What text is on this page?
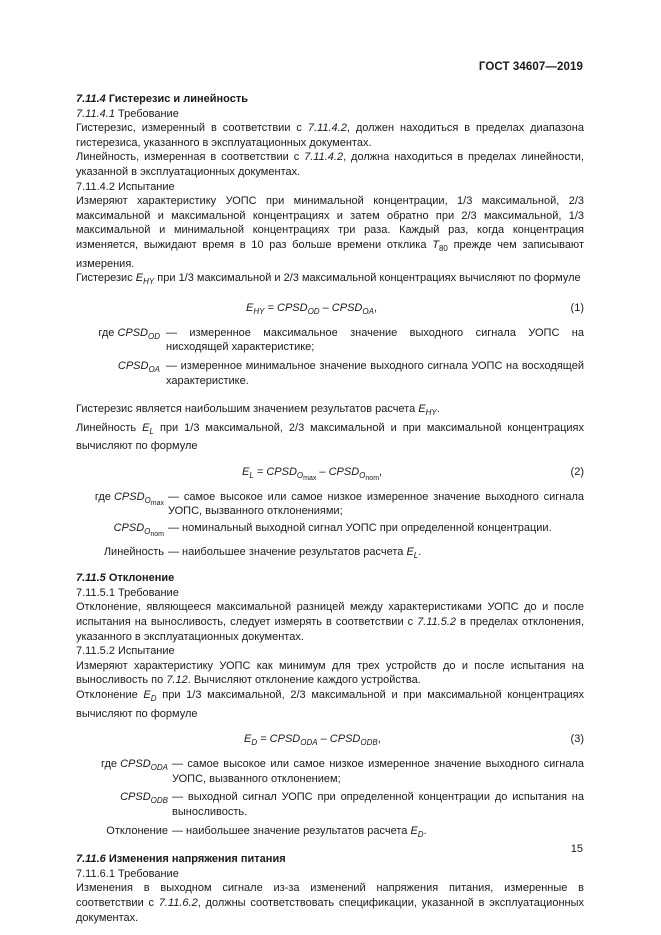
ГОСТ 34607—2019

7.11.4 Гистерезис и линейность

7.11.4.1 Требование

Гистерезис, измеренный в соответствии с 7.11.4.2, должен находиться в пределах диапазона гистерезиса, указанного в эксплуатационных документах.

Линейность, измеренная в соответствии с 7.11.4.2, должна находиться в пределах линейности, указанной в эксплуатационных документах.

7.11.4.2 Испытание

Измеряют характеристику УОПС при минимальной концентрации, 1/3 максимальной, 2/3 максимальной и максимальной концентрациях и затем обратно при 2/3 максимальной, 1/3 максимальной и минимальной концентрациях три раза. Каждый раз, когда концентрация изменяется, выжидают время в 10 раз больше времени отклика $T_{80}$ прежде чем записывают измерения.

Гистерезис $E_{HY}$ при 1/3 максимальной и 2/3 максимальной концентрациях вычисляют по формуле

$E_{HY}$ = $CPSD_{OD}$ – $CPSD_{OA}$,	(1)
где $CPSD_{OD}$ — измеренное максимальное значение выходного сигнала УОПС на нисходящей характеристике;
$CPSD_{OA}$ — измеренное минимальное значение выходного сигнала УОПС на восходящей характеристике.

Гистерезис является наибольшим значением результатов расчета $E_{HY}$.

Линейность $E_L$ при 1/3 максимальной, 2/3 максимальной и при максимальной концентрациях вычисляют по формуле

$E_L$ = $CPSD_{O_{max}}$ – $CPSD_{O_{nom}}$,	(2)
где $CPSD_{O_{max}}$
— самое высокое или самое низкое измеренное значение выходного сигнала УОПС, вызванного отклонениями;
$CPSD_{O_{nom}}$
— номинальный выходной сигнал УОПС при определенной концентрации.
Линейность — наибольшее значение результатов расчета $E_L$.

7.11.5 Отклонение

7.11.5.1 Требование

Отклонение, являющееся максимальной разницей между характеристиками УОПС до и после испытания на выносливость, следует измерять в соответствии с 7.11.5.2 в пределах отклонения, указанного в эксплуатационных документах.

7.11.5.2 Испытание

Измеряют характеристику УОПС как минимум для трех устройств до и после испытания на выносливость по 7.12. Вычисляют отклонение каждого устройства.

Отклонение $E_D$ при 1/3 максимальной, 2/3 максимальной и при максимальной концентрациях вычисляют по формуле

$E_D$ = $CPSD_{ODA}$ – $CPSD_{ODB}$,	(3)
где $CPSD_{ODA}$ — самое высокое или самое низкое измеренное значение выходного сигнала УОПС, вызванного отклонением;
$CPSD_{ODB}$ — выходной сигнал УОПС при определенной концентрации до испытания на выносливость.
Отклонение — наибольшее значение результатов расчета $E_D$.

7.11.6 Изменения напряжения питания

7.11.6.1 Требование

Изменения в выходном сигнале из-за изменений напряжения питания, измеренные в соответствии с 7.11.6.2, должны соответствовать спецификации, указанной в эксплуатационных документах.

15
